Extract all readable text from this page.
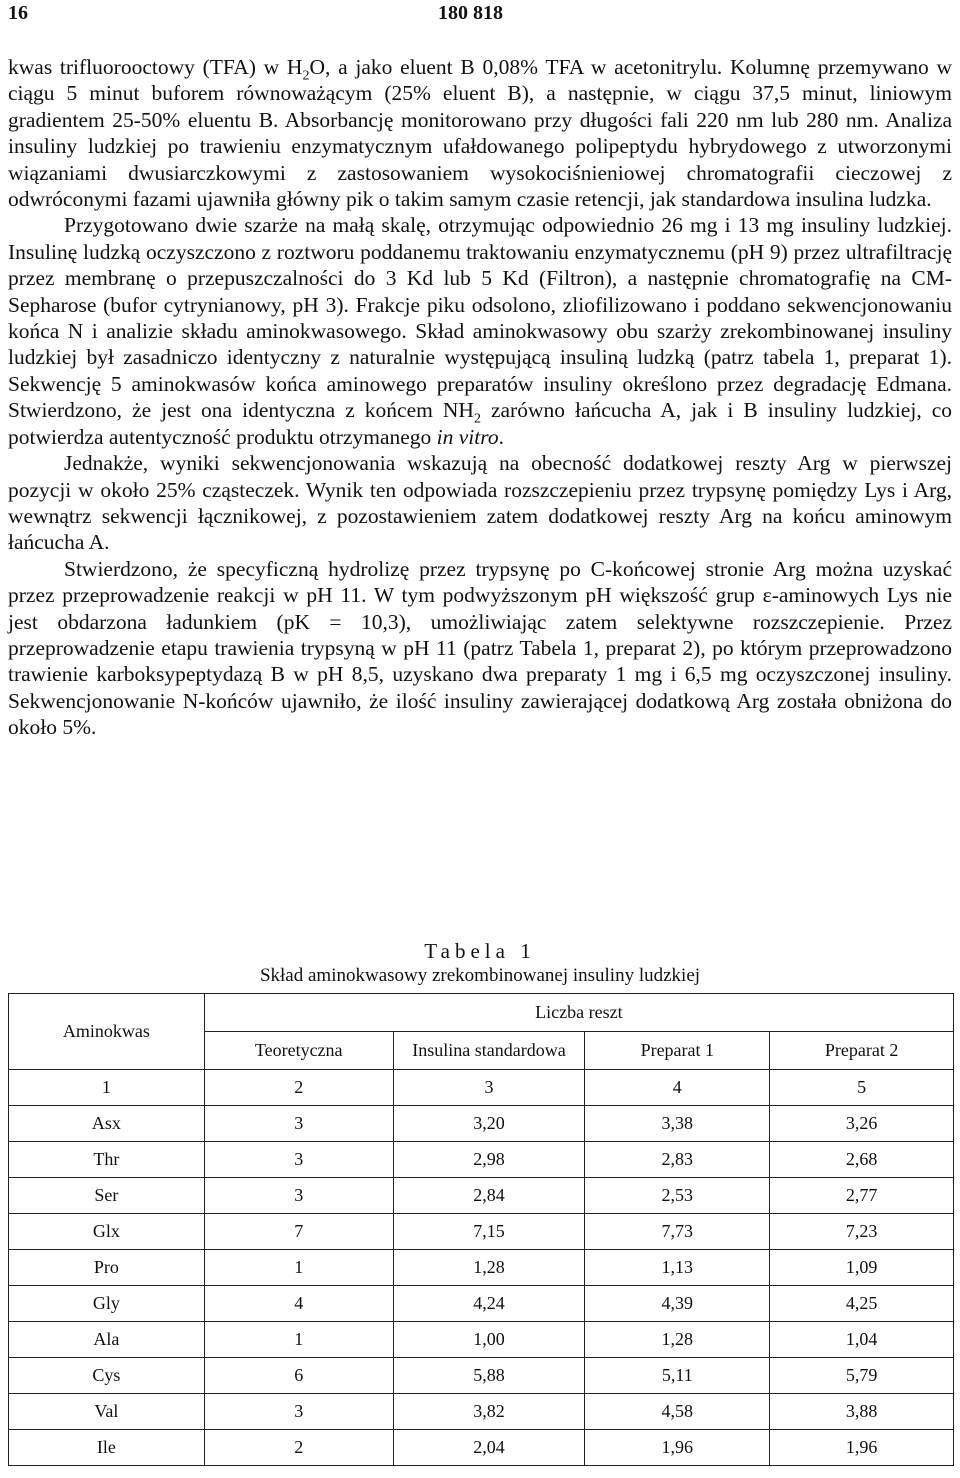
16	180 818

kwas trifluorooctowy (TFA) w $H_2O$, a jako eluent B 0,08% TFA w acetonitrylu. Kolumnę przemywano w ciągu 5 minut buforem równoważącym (25% eluent B), a następnie, w ciągu 37,5 minut, liniowym gradientem 25-50% eluentu B. Absorbancję monitorowano przy długości fali 220 nm lub 280 nm. Analiza insuliny ludzkiej po trawieniu enzymatycznym ufałdowanego polipeptydu hybrydowego z utworzonymi wiązaniami dwusiarczkowymi z zastosowaniem wysokociśnieniowej chromatografii cieczowej z odwróconymi fazami ujawniła główny pik o takim samym czasie retencji, jak standardowa insulina ludzka.

Przygotowano dwie szarże na małą skalę, otrzymując odpowiednio 26 mg i 13 mg insuliny ludzkiej. Insulinę ludzką oczyszczono z roztworu poddanemu traktowaniu enzymatycznemu (pH 9) przez ultrafiltrację przez membranę o przepuszczalności do 3 Kd lub 5 Kd (Filtron), a następnie chromatografię na CM-Sepharose (bufor cytrynianowy, pH 3). Frakcje piku odsolono, zliofilizowano i poddano sekwencjonowaniu końca N i analizie składu aminokwasowego. Skład aminokwasowy obu szarży zrekombinowanej insuliny ludzkiej był zasadniczo identyczny z naturalnie występującą insuliną ludzką (patrz tabela 1, preparat 1). Sekwencję 5 aminokwasów końca aminowego preparatów insuliny określono przez degradację Edmana. Stwierdzono, że jest ona identyczna z końcem $NH_2$ zarówno łańcucha A, jak i B insuliny ludzkiej, co potwierdza autentyczność produktu otrzymanego in vitro.

Jednakże, wyniki sekwencjonowania wskazują na obecność dodatkowej reszty Arg w pierwszej pozycji w około 25% cząsteczek. Wynik ten odpowiada rozszczepieniu przez trypsynę pomiędzy Lys i Arg, wewnątrz sekwencji łącznikowej, z pozostawieniem zatem dodatkowej reszty Arg na końcu aminowym łańcucha A.

Stwierdzono, że specyficzną hydrolizę przez trypsynę po C-końcowej stronie Arg można uzyskać przez przeprowadzenie reakcji w pH 11. W tym podwyższonym pH większość grup ε-aminowych Lys nie jest obdarzona ładunkiem (pK = 10,3), umożliwiając zatem selektywne rozszczepienie. Przez przeprowadzenie etapu trawienia trypsyną w pH 11 (patrz Tabela 1, preparat 2), po którym przeprowadzono trawienie karboksypeptydazą B w pH 8,5, uzyskano dwa preparaty 1 mg i 6,5 mg oczyszczonej insuliny. Sekwencjonowanie N-końców ujawniło, że ilość insuliny zawierającej dodatkową Arg została obniżona do około 5%.

Tabela 1
Skład aminokwasowy zrekombinowanej insuliny ludzkiej
Aminokwas	Liczba reszt			
	Teoretyczna	Insulina standardowa	Preparat 1	Preparat 2
1	2	3	4	5
Asx	3	3,20	3,38	3,26
Thr	3	2,98	2,83	2,68
Ser	3	2,84	2,53	2,77
Glx	7	7,15	7,73	7,23
Pro	1	1,28	1,13	1,09
Gly	4	4,24	4,39	4,25
Ala	1	1,00	1,28	1,04
Cys	6	5,88	5,11	5,79
Val	3	3,82	4,58	3,88
Ile	2	2,04	1,96	1,96
